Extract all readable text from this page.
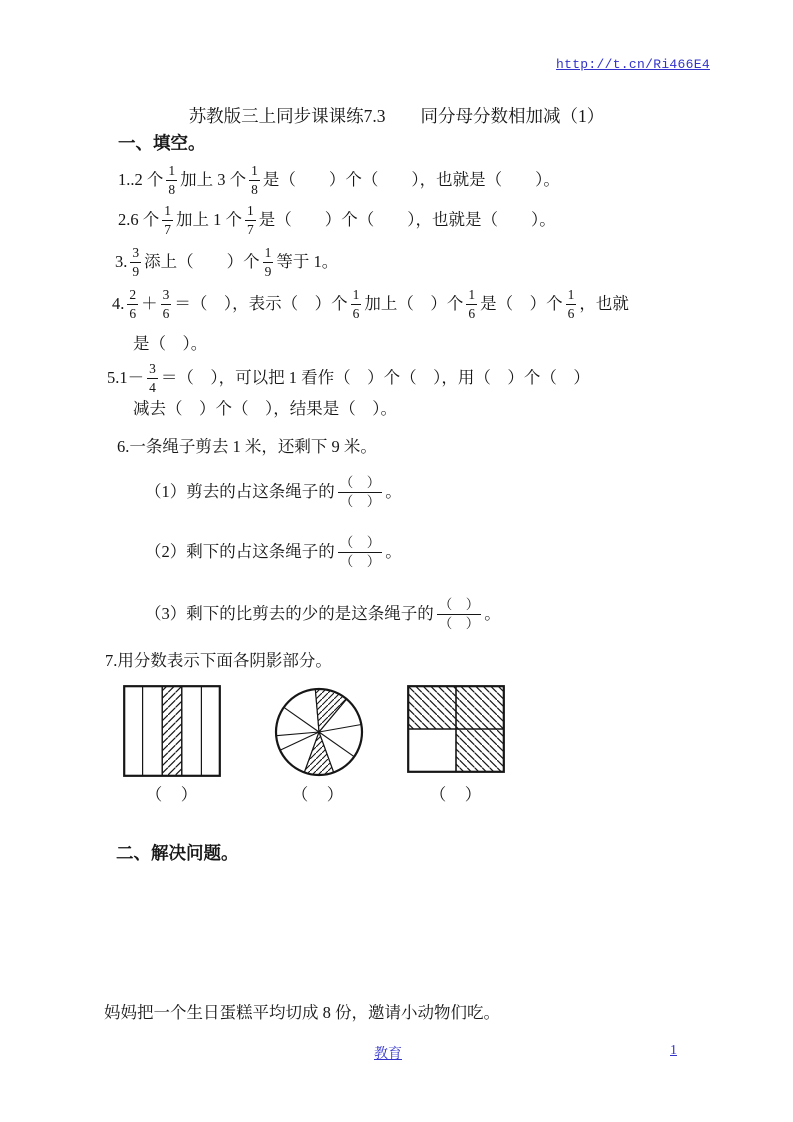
http://t.cn/Ri466E4
苏教版三上同步课课练7.3　　同分母分数相加减（1）
一、填空。
1..2 个 $\frac{1}{8}$ 加上 3 个 $\frac{1}{8}$ 是（　　）个（　　），也就是（　　）。
2.6 个 $\frac{1}{7}$ 加上 1 个 $\frac{1}{7}$ 是（　　）个（　　），也就是（　　）。
3. $\frac{3}{9}$ 添上（　　）个 $\frac{1}{9}$ 等于 1。
4. $\frac{2}{6} + \frac{3}{6}$ ＝（　），表示（　）个 $\frac{1}{6}$ 加上（　）个 $\frac{1}{6}$ 是（　）个 $\frac{1}{6}$ ，也就
是（　）。
$5.1- \frac{3}{4}$ ＝（　），可以把 1 看作（　）个（　），用（　）个（　）
减去（　）个（　），结果是（　）。
6.一条绳子剪去 1 米，还剩下 9 米。
（1）剪去的占这条绳子的 $\frac{( )}{( )}$ 。
（2）剩下的占这条绳子的 $\frac{( )}{( )}$ 。
（3）剩下的比剪去的少的是这条绳子的 $\frac{( )}{( )}$ 。
7.用分数表示下面各阴影部分。
（　）	（　）	（　）
二、解决问题。
妈妈把一个生日蛋糕平均切成 8 份，邀请小动物们吃。
教育	1
